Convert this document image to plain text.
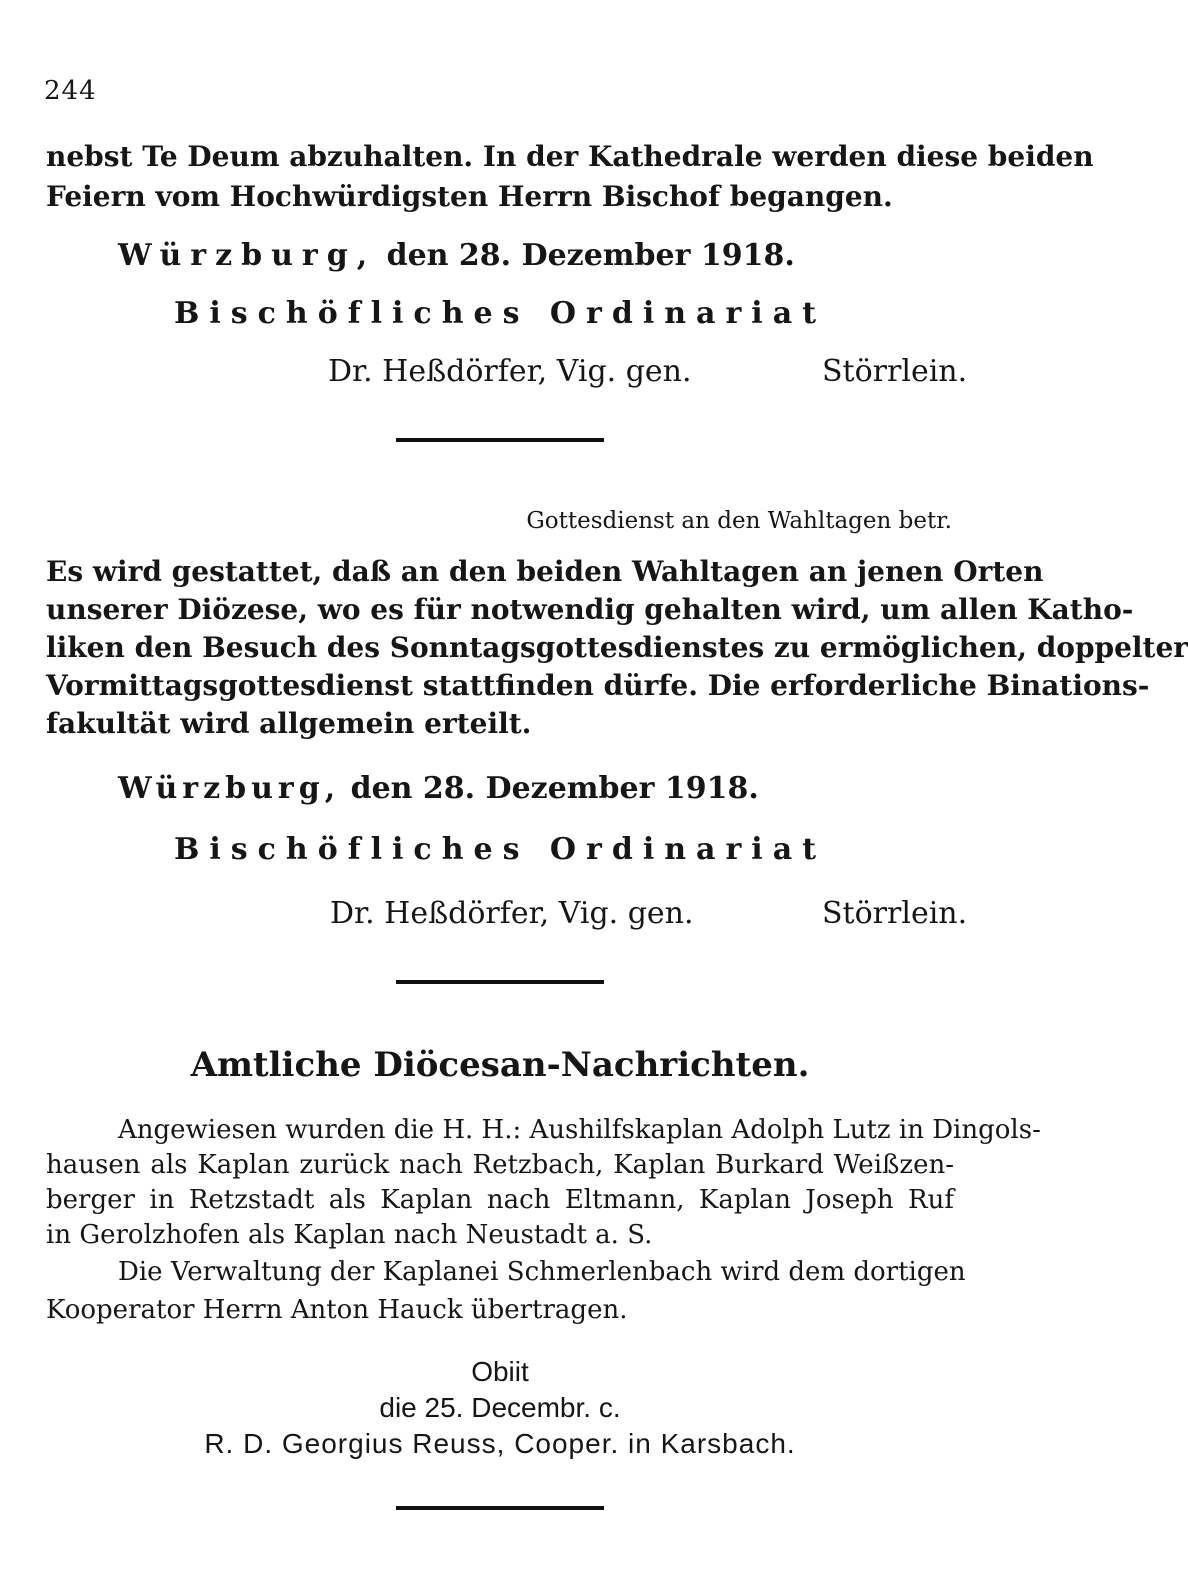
244
nebst Te Deum abzuhalten. In der Kathedrale werden diese beiden
Feiern vom Hochwürdigsten Herrn Bischof begangen.
Würzburg, den 28. Dezember 1918.
Bischöfliches Ordinariat
Dr. Heßdörfer, Vig. gen.	Störrlein.
Gottesdienst an den Wahltagen betr.
Es wird gestattet, daß an den beiden Wahltagen an jenen Orten
unserer Diözese, wo es für notwendig gehalten wird, um allen Katho-
liken den Besuch des Sonntagsgottesdienstes zu ermöglichen, doppelter
Vormittagsgottesdienst stattfinden dürfe. Die erforderliche Binations-
fakultät wird allgemein erteilt.
Würzburg, den 28. Dezember 1918.
Bischöfliches Ordinariat
Dr. Heßdörfer, Vig. gen.	Störrlein.
Amtliche Diöcesan-Nachrichten.
Angewiesen wurden die H. H.: Aushilfskaplan Adolph Lutz in Dingols-
hausen als Kaplan zurück nach Retzbach, Kaplan Burkard Weißzen-
berger in Retzstadt als Kaplan nach Eltmann, Kaplan Joseph Ruf
in Gerolzhofen als Kaplan nach Neustadt a. S.
Die Verwaltung der Kaplanei Schmerlenbach wird dem dortigen
Kooperator Herrn Anton Hauck übertragen.
Obiit
die 25. Decembr. c.
R. D. Georgius Reuss, Cooper. in Karsbach.
